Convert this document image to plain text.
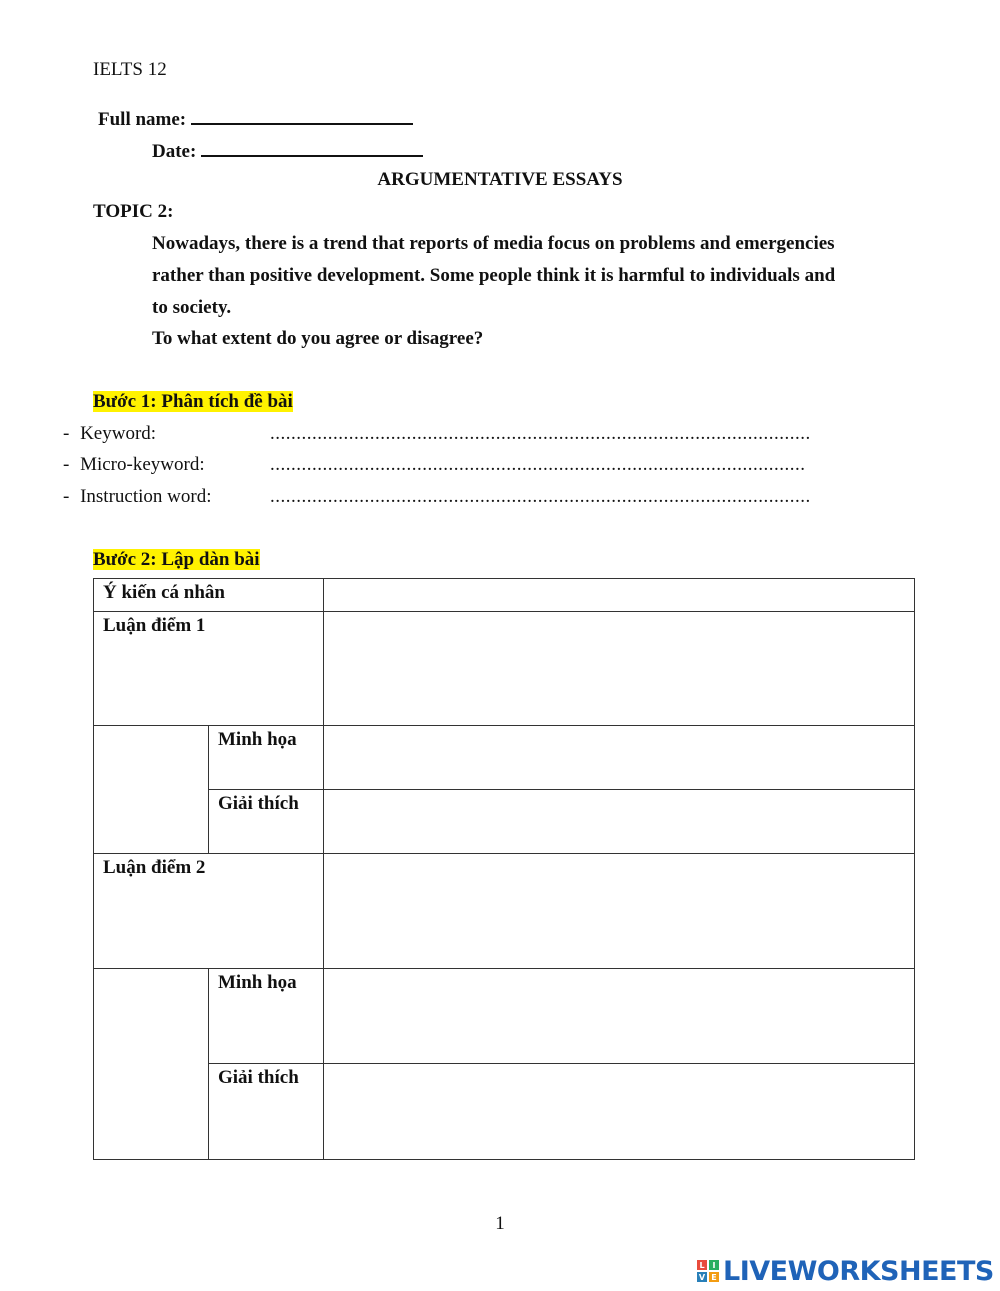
IELTS 12
Full name:
Date:
ARGUMENTATIVE ESSAYS
TOPIC 2:
Nowadays, there is a trend that reports of media focus on problems and emergencies
rather than positive development. Some people think it is harmful to individuals and
to society.
To what extent do you agree or disagree?
Bước 1: Phân tích đề bài
- Keyword:	.......................................................................................................
- Micro-keyword:	......................................................................................................
- Instruction word:	.......................................................................................................
Bước 2: Lập dàn bài
Ý kiến cá nhân		
Luận điểm 1		
	Minh họa	
	Giải thích	
Luận điểm 2		
	Minh họa	
	Giải thích	
1
L I
V E LIVEWORKSHEETS
